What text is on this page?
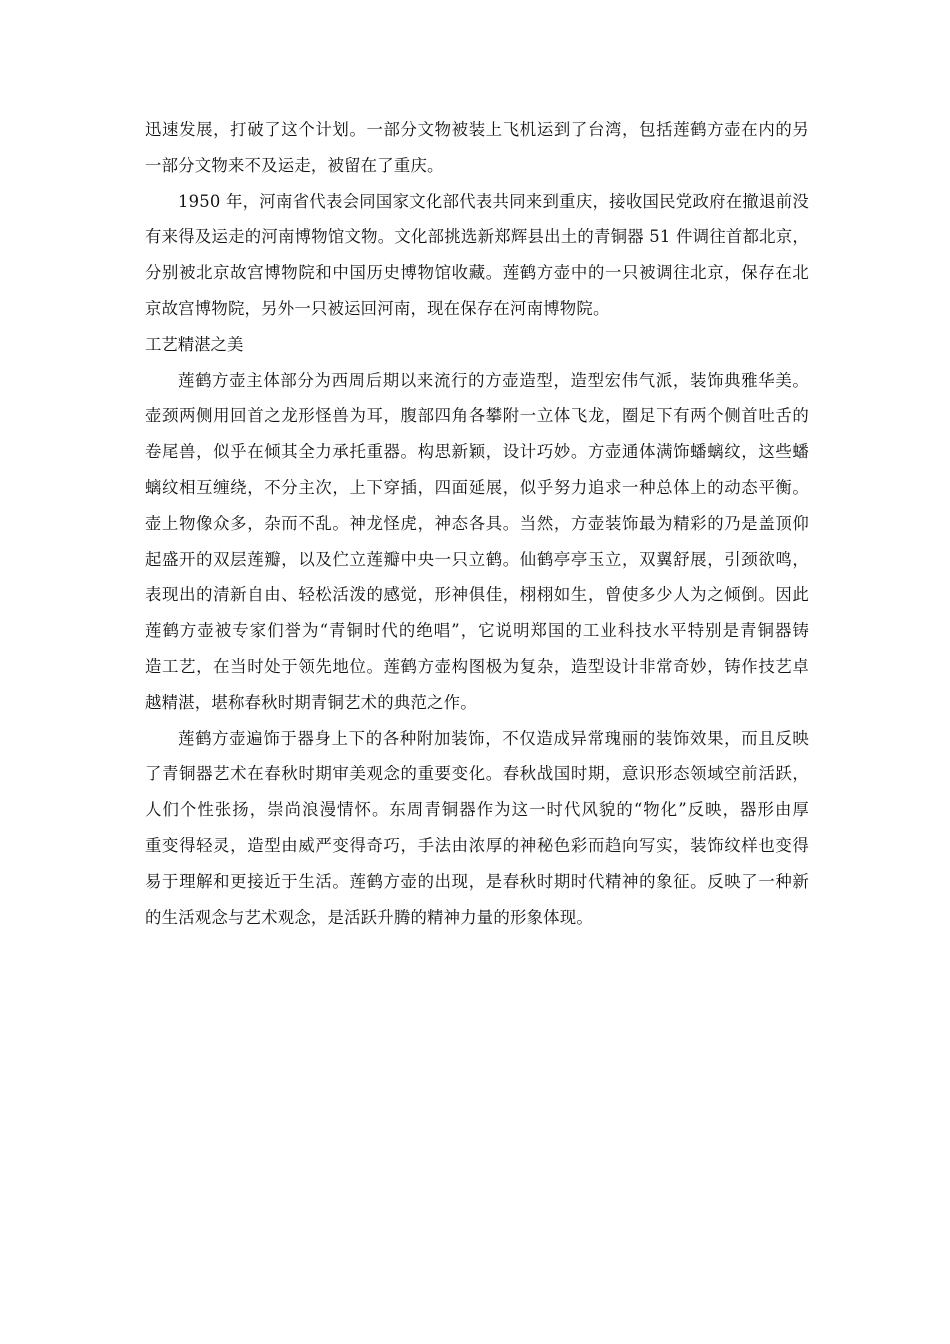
迅速发展，打破了这个计划。一部分文物被装上飞机运到了台湾，包括莲鹤方壶在内的另
一部分文物来不及运走，被留在了重庆。
1950 年，河南省代表会同国家文化部代表共同来到重庆，接收国民党政府在撤退前没
有来得及运走的河南博物馆文物。文化部挑选新郑辉县出土的青铜器 51 件调往首都北京，
分别被北京故宫博物院和中国历史博物馆收藏。莲鹤方壶中的一只被调往北京，保存在北
京故宫博物院，另外一只被运回河南，现在保存在河南博物院。
工艺精湛之美
莲鹤方壶主体部分为西周后期以来流行的方壶造型，造型宏伟气派，装饰典雅华美。
壶颈两侧用回首之龙形怪兽为耳，腹部四角各攀附一立体飞龙，圈足下有两个侧首吐舌的
卷尾兽，似乎在倾其全力承托重器。构思新颖，设计巧妙。方壶通体满饰蟠螭纹，这些蟠
螭纹相互缠绕，不分主次，上下穿插，四面延展，似乎努力追求一种总体上的动态平衡。
壶上物像众多，杂而不乱。神龙怪虎，神态各具。当然，方壶装饰最为精彩的乃是盖顶仰
起盛开的双层莲瓣，以及伫立莲瓣中央一只立鹤。仙鹤亭亭玉立，双翼舒展，引颈欲鸣，
表现出的清新自由、轻松活泼的感觉，形神俱佳，栩栩如生，曾使多少人为之倾倒。因此
莲鹤方壶被专家们誉为“青铜时代的绝唱”，它说明郑国的工业科技水平特别是青铜器铸
造工艺，在当时处于领先地位。莲鹤方壶构图极为复杂，造型设计非常奇妙，铸作技艺卓
越精湛，堪称春秋时期青铜艺术的典范之作。
莲鹤方壶遍饰于器身上下的各种附加装饰，不仅造成异常瑰丽的装饰效果，而且反映
了青铜器艺术在春秋时期审美观念的重要变化。春秋战国时期，意识形态领域空前活跃，
人们个性张扬，崇尚浪漫情怀。东周青铜器作为这一时代风貌的“物化”反映，器形由厚
重变得轻灵，造型由威严变得奇巧，手法由浓厚的神秘色彩而趋向写实，装饰纹样也变得
易于理解和更接近于生活。莲鹤方壶的出现，是春秋时期时代精神的象征。反映了一种新
的生活观念与艺术观念，是活跃升腾的精神力量的形象体现。
